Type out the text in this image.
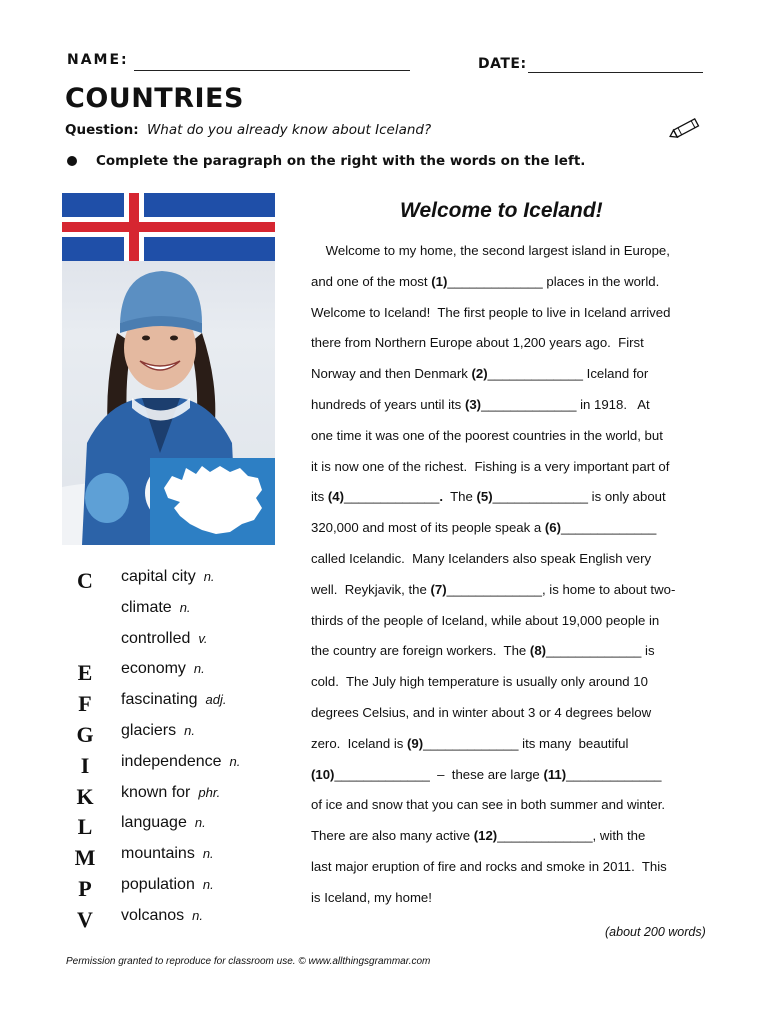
NAME:	DATE:
COUNTRIES
Question: What do you already know about Iceland?
Complete the paragraph on the right with the words on the left.
Welcome to Iceland!
Welcome to my home, the second largest island in Europe,
and one of the most (1)_____________ places in the world.
Welcome to Iceland!  The first people to live in Iceland arrived
there from Northern Europe about 1,200 years ago.  First
Norway and then Denmark (2)_____________ Iceland for
hundreds of years until its (3)_____________ in 1918.   At
one time it was one of the poorest countries in the world, but
it is now one of the richest.  Fishing is a very important part of
its (4)_____________.  The (5)_____________ is only about
320,000 and most of its people speak a (6)_____________
called Icelandic.  Many Icelanders also speak English very
well.  Reykjavik, the (7)_____________, is home to about two-
thirds of the people of Iceland, while about 19,000 people in
the country are foreign workers.  The (8)_____________ is
cold.  The July high temperature is usually only around 10
degrees Celsius, and in winter about 3 or 4 degrees below
zero.  Iceland is (9)_____________ its many  beautiful
(10)_____________  –  these are large (11)_____________
of ice and snow that you can see in both summer and winter.
There are also many active (12)_____________, with the
last major eruption of fire and rocks and smoke in 2011.  This
is Iceland, my home!
(about 200 words)
C	capital city n.
climate n.
controlled v.
E	economy n.
F	fascinating adj.
G	glaciers n.
I	independence n.
K	known for phr.
L	language n.
M mountains n.
P	population n.
V	volcanos n.
Permission granted to reproduce for classroom use. © www.allthingsgrammar.com
